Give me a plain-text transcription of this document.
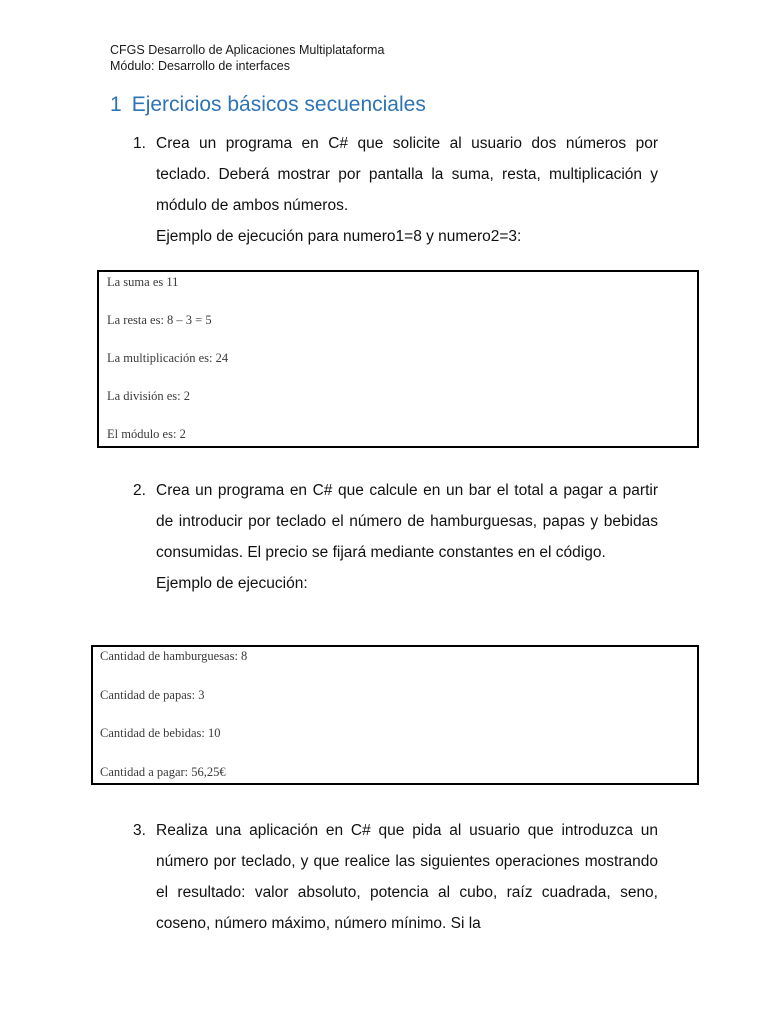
CFGS Desarrollo de Aplicaciones Multiplataforma
Módulo: Desarrollo de interfaces
1 Ejercicios básicos secuenciales
1. Crea un programa en C# que solicite al usuario dos números por teclado. Deberá mostrar por pantalla la suma, resta, multiplicación y módulo de ambos números.
Ejemplo de ejecución para numero1=8 y numero2=3:
La suma es 11
La resta es: 8 – 3 = 5
La multiplicación es: 24
La división es: 2
El módulo es: 2
2. Crea un programa en C# que calcule en un bar el total a pagar a partir de introducir por teclado el número de hamburguesas, papas y bebidas consumidas. El precio se fijará mediante constantes en el código.
Ejemplo de ejecución:
Cantidad de hamburguesas: 8
Cantidad de papas: 3
Cantidad de bebidas: 10
Cantidad a pagar: 56,25€
3. Realiza una aplicación en C# que pida al usuario que introduzca un número por teclado, y que realice las siguientes operaciones mostrando el resultado: valor absoluto, potencia al cubo, raíz cuadrada, seno, coseno, número máximo, número mínimo. Si la
